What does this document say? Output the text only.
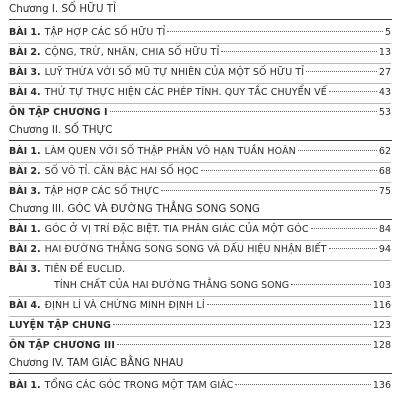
Chương I. SỐ HỮU TỈ
BÀI 1. TẬP HỢP CÁC SỐ HỮU TỈ	5
BÀI 2. CỘNG, TRỪ, NHÂN, CHIA SỐ HỮU TỈ	13
BÀI 3. LUỸ THỪA VỚI SỐ MŨ TỰ NHIÊN CỦA MỘT SỐ HỮU TỈ	27
BÀI 4. THỨ TỰ THỰC HIỆN CÁC PHÉP TÍNH. QUY TẮC CHUYỂN VẾ	43
ÔN TẬP CHƯƠNG I	53
Chương II. SỐ THỰC
BÀI 1. LÀM QUEN VỚI SỐ THẬP PHÂN VÔ HẠN TUẦN HOÀN	62
BÀI 2. SỐ VÔ TỈ. CĂN BẬC HAI SỐ HỌC	68
BÀI 3. TẬP HỢP CÁC SỐ THỰC	75
Chương III. GÓC VÀ ĐƯỜNG THẲNG SONG SONG
BÀI 1. GÓC Ở VỊ TRÍ ĐẶC BIỆT. TIA PHÂN GIÁC CỦA MỘT GÓC	84
BÀI 2. HAI ĐƯỜNG THẲNG SONG SONG VÀ DẤU HIỆU NHẬN BIẾT	94
BÀI 3. TIÊN ĐỀ EUCLID.
TÍNH CHẤT CỦA HAI ĐƯỜNG THẲNG SONG SONG	103
BÀI 4. ĐỊNH LÍ VÀ CHỨNG MINH ĐỊNH LÍ	116
LUYỆN TẬP CHUNG	123
ÔN TẬP CHƯƠNG III	128
Chương IV. TAM GIÁC BẰNG NHAU
BÀI 1. TỔNG CÁC GÓC TRONG MỘT TAM GIÁC	136
